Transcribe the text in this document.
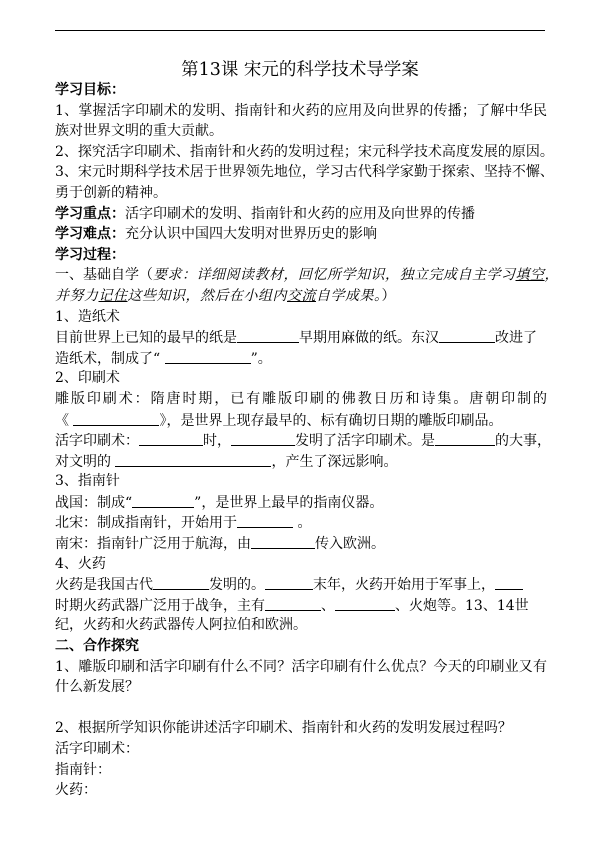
第13课 宋元的科学技术导学案
学习目标：
1、掌握活字印刷术的发明、指南针和火药的应用及向世界的传播；了解中华民
族对世界文明的重大贡献。
2、探究活字印刷术、指南针和火药的发明过程；宋元科学技术高度发展的原因。
3、宋元时期科学技术居于世界领先地位，学习古代科学家勤于探索、坚持不懈、
勇于创新的精神。
学习重点：活字印刷术的发明、指南针和火药的应用及向世界的传播
学习难点：充分认识中国四大发明对世界历史的影响
学习过程：
一、基础自学（要求：详细阅读教材，回忆所学知识，独立完成自主学习填空，
并努力记住这些知识，然后在小组内交流自学成果。）
1、造纸术
目前世界上已知的最早的纸是	早期用麻做的纸。东汉	改进了
造纸术，制成了“	”。
2、印刷术
雕版印刷术：隋唐时期，已有雕版印刷的佛教日历和诗集。唐朝印制的
《	》，是世界上现存最早的、标有确切日期的雕版印刷品。
活字印刷术：	时，	发明了活字印刷术。是	的大事，
对文明的	，产生了深远影响。
3、指南针
战国：制成“	”，是世界上最早的指南仪器。
北宋：制成指南针，开始用于	。
南宋：指南针广泛用于航海，由	传入欧洲。
4、火药
火药是我国古代	发明的。	末年，火药开始用于军事上，
时期火药武器广泛用于战争，主有	、	、火炮等。13、14世
纪，火药和火药武器传人阿拉伯和欧洲。
二、合作探究
1、雕版印刷和活字印刷有什么不同？活字印刷有什么优点？今天的印刷业又有
什么新发展？
2、根据所学知识你能讲述活字印刷术、指南针和火药的发明发展过程吗？
活字印刷术：
指南针：
火药：
